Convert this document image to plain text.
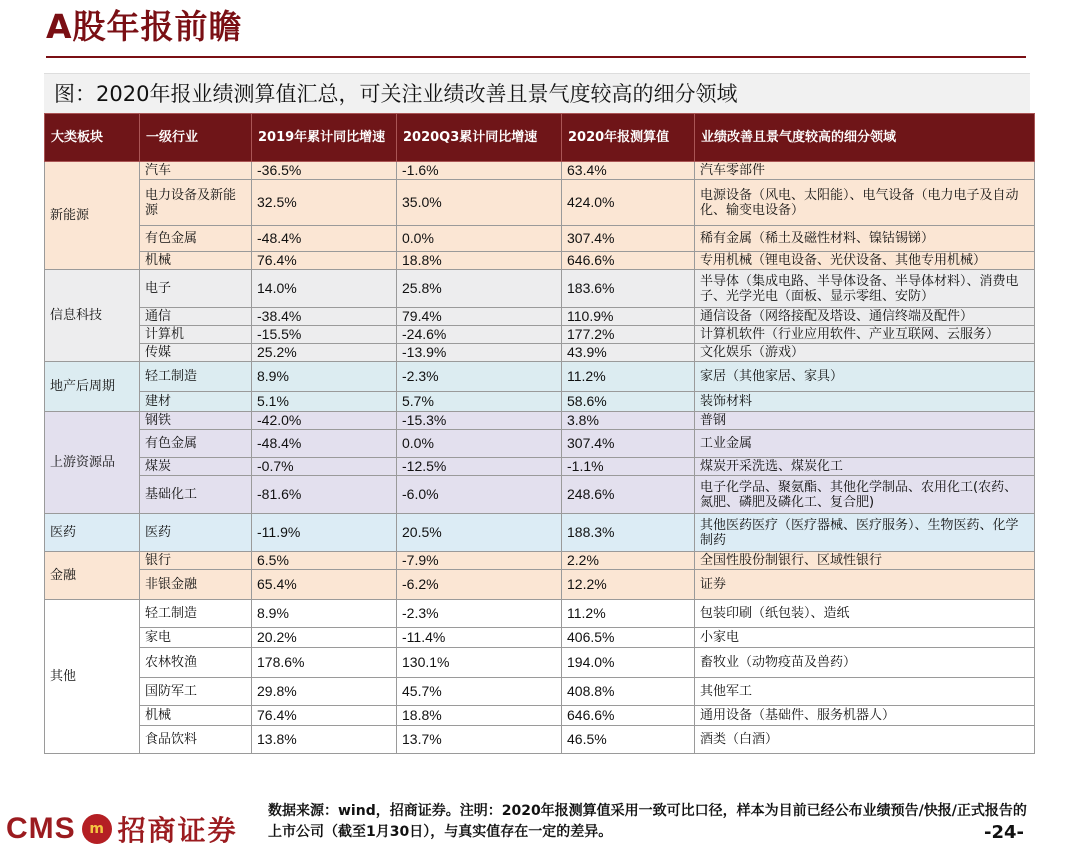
A股年报前瞻
图：2020年报业绩测算值汇总，可关注业绩改善且景气度较高的细分领域
大类板块	一级行业	2019年累计同比增速	2020Q3累计同比增速	2020年报测算值	业绩改善且景气度较高的细分领域
新能源	汽车	-36.5%	-1.6%	63.4%	汽车零部件
	电力设备及新能源	32.5%	35.0%	424.0%	电源设备（风电、太阳能）、电气设备（电力电子及自动化、输变电设备）
	有色金属	-48.4%	0.0%	307.4%	稀有金属（稀土及磁性材料、镍钴锡锑）
	机械	76.4%	18.8%	646.6%	专用机械（锂电设备、光伏设备、其他专用机械）
信息科技	电子	14.0%	25.8%	183.6%	半导体（集成电路、半导体设备、半导体材料）、消费电子、光学光电（面板、显示零组、安防）
	通信	-38.4%	79.4%	110.9%	通信设备（网络接配及塔设、通信终端及配件）
	计算机	-15.5%	-24.6%	177.2%	计算机软件（行业应用软件、产业互联网、云服务）
	传媒	25.2%	-13.9%	43.9%	文化娱乐（游戏）
地产后周期	轻工制造	8.9%	-2.3%	11.2%	家居（其他家居、家具）
	建材	5.1%	5.7%	58.6%	装饰材料
上游资源品	钢铁	-42.0%	-15.3%	3.8%	普钢
	有色金属	-48.4%	0.0%	307.4%	工业金属
	煤炭	-0.7%	-12.5%	-1.1%	煤炭开采洗选、煤炭化工
	基础化工	-81.6%	-6.0%	248.6%	电子化学品、聚氨酯、其他化学制品、农用化工(农药、氮肥、磷肥及磷化工、复合肥)
医药	医药	-11.9%	20.5%	188.3%	其他医药医疗（医疗器械、医疗服务）、生物医药、化学制药
金融	银行	6.5%	-7.9%	2.2%	全国性股份制银行、区域性银行
	非银金融	65.4%	-6.2%	12.2%	证券
其他	轻工制造	8.9%	-2.3%	11.2%	包装印刷（纸包装）、造纸
	家电	20.2%	-11.4%	406.5%	小家电
	农林牧渔	178.6%	130.1%	194.0%	畜牧业（动物疫苗及兽药）
	国防军工	29.8%	45.7%	408.8%	其他军工
	机械	76.4%	18.8%	646.6%	通用设备（基础件、服务机器人）
	食品饮料	13.8%	13.7%	46.5%	酒类（白酒）
CMS m 招商证券
数据来源：wind，招商证券。注明：2020年报测算值采用一致可比口径，样本为目前已经公布业绩预告/快报/正式报告的上市公司（截至1月30日），与真实值存在一定的差异。	-24-
